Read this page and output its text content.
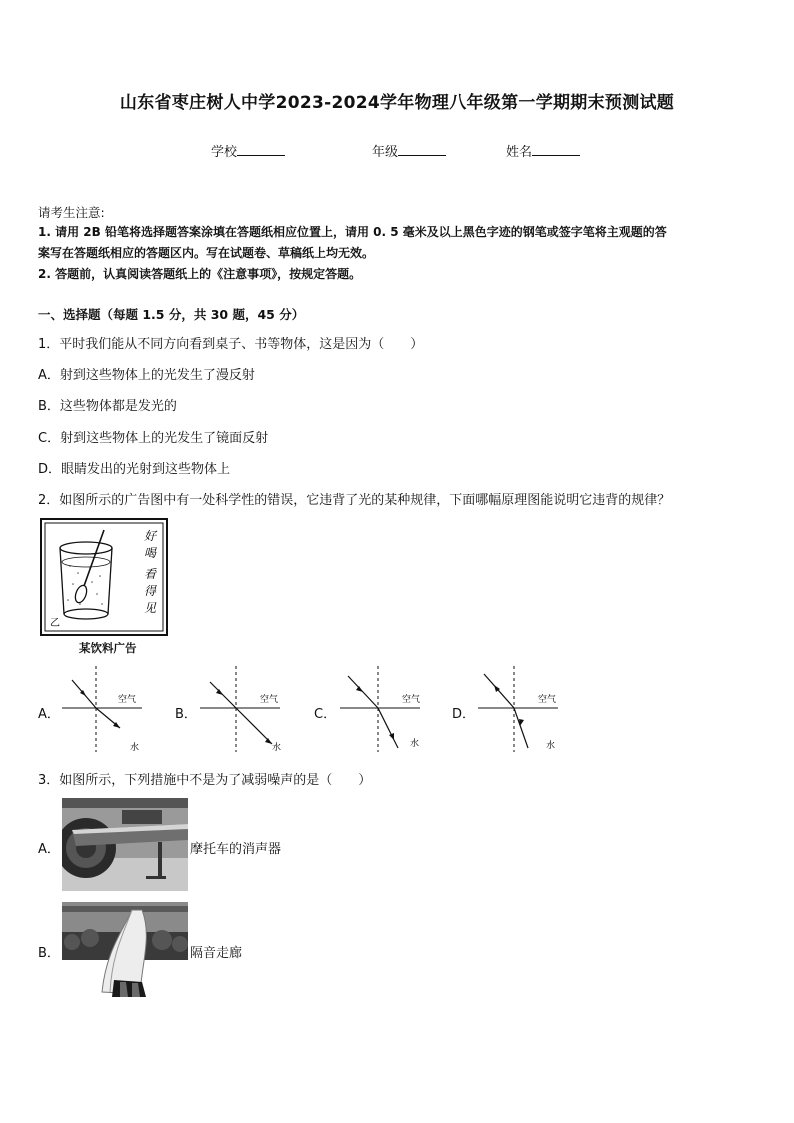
山东省枣庄树人中学2023-2024学年物理八年级第一学期期末预测试题
学校	年级	姓名
请考生注意:
1. 请用 2B 铅笔将选择题答案涂填在答题纸相应位置上，请用 0. 5 毫米及以上黑色字迹的钢笔或签字笔将主观题的答
案写在答题纸相应的答题区内。写在试题卷、草稿纸上均无效。
2. 答题前，认真阅读答题纸上的《注意事项》，按规定答题。
一、选择题（每题 1.5 分，共 30 题，45 分）
1．平时我们能从不同方向看到桌子、书等物体，这是因为（　　）
A．射到这些物体上的光发生了漫反射
B．这些物体都是发光的
C．射到这些物体上的光发生了镜面反射
D．眼睛发出的光射到这些物体上
2．如图所示的广告图中有一处科学性的错误，它违背了光的某种规律，下面哪幅原理图能说明它违背的规律？
乙
好
喝
看
得
见
某饮料广告
A．	B．	C．	D．
空气
水
空气
水
空气
水
空气
水
3．如图所示，下列措施中不是为了减弱噪声的是（　　）
A．	摩托车的消声器
B．	隔音走廊
